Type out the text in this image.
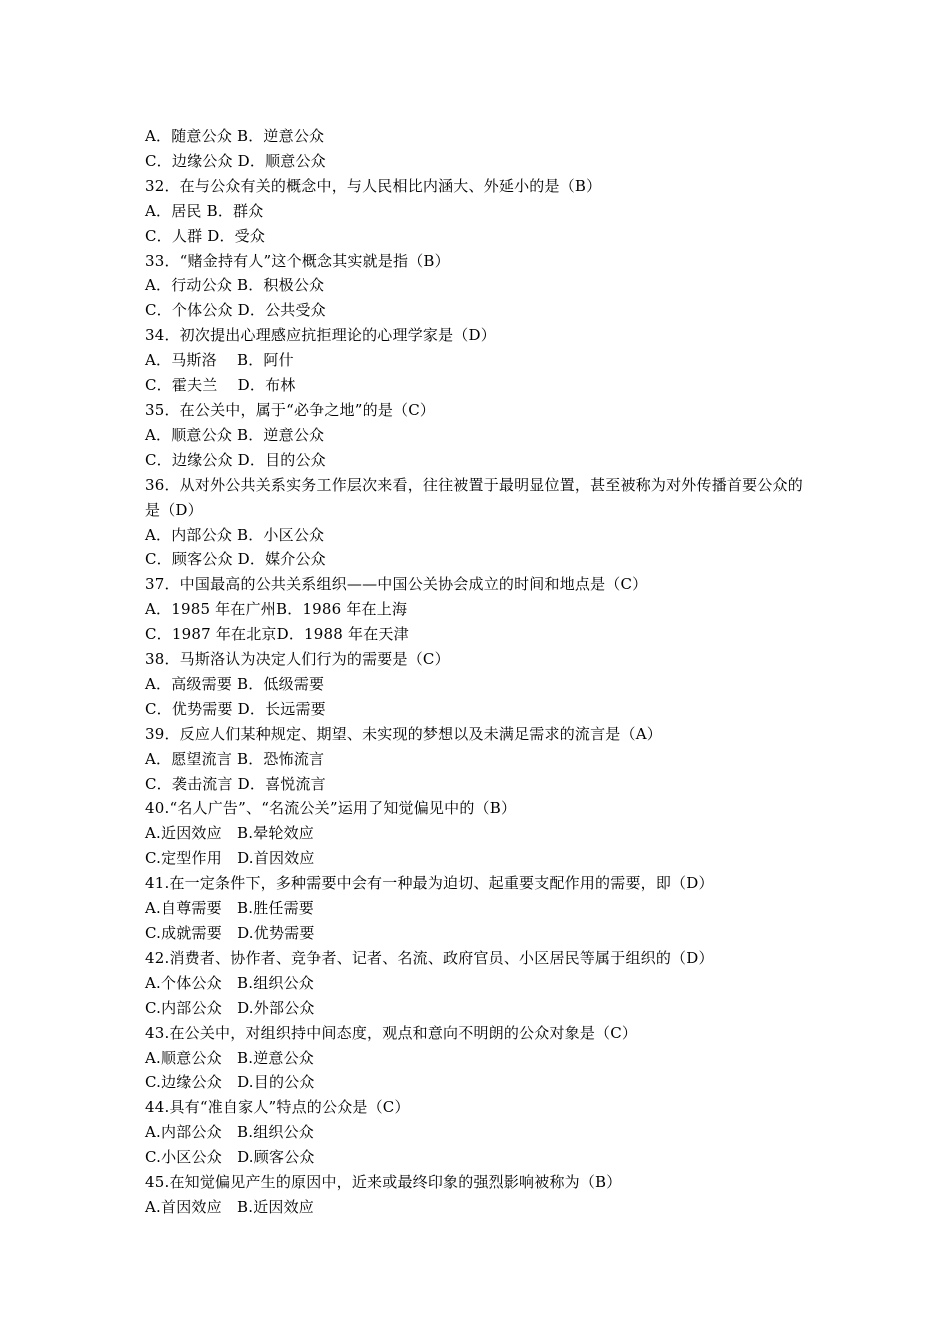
A．随意公众 B．逆意公众
C．边缘公众 D．顺意公众
32．在与公众有关的概念中，与人民相比内涵大、外延小的是（B）
A．居民 B．群众
C．人群 D．受众
33．“赌金持有人”这个概念其实就是指（B）
A．行动公众 B．积极公众
C．个体公众 D．公共受众
34．初次提出心理感应抗拒理论的心理学家是（D）
A．马斯洛　 B．阿什
C．霍夫兰　 D．布林
35．在公关中，属于“必争之地”的是（C）
A．顺意公众 B．逆意公众
C．边缘公众 D．目的公众
36．从对外公共关系实务工作层次来看，往往被置于最明显位置，甚至被称为对外传播首要公众的是（D）
A．内部公众 B．小区公众
C．顾客公众 D．媒介公众
37．中国最高的公共关系组织——中国公关协会成立的时间和地点是（C）
A．1985 年在广州B．1986 年在上海
C．1987 年在北京D．1988 年在天津
38．马斯洛认为决定人们行为的需要是（C）
A．高级需要 B．低级需要
C．优势需要 D．长远需要
39．反应人们某种规定、期望、未实现的梦想以及未满足需求的流言是（A）
A．愿望流言 B．恐怖流言
C．袭击流言 D．喜悦流言
40.“名人广告”、“名流公关”运用了知觉偏见中的（B）
A.近因效应　B.晕轮效应
C.定型作用　D.首因效应
41.在一定条件下，多种需要中会有一种最为迫切、起重要支配作用的需要，即（D）
A.自尊需要　B.胜任需要
C.成就需要　D.优势需要
42.消费者、协作者、竞争者、记者、名流、政府官员、小区居民等属于组织的（D）
A.个体公众　B.组织公众
C.内部公众　D.外部公众
43.在公关中，对组织持中间态度，观点和意向不明朗的公众对象是（C）
A.顺意公众　B.逆意公众
C.边缘公众　D.目的公众
44.具有“准自家人”特点的公众是（C）
A.内部公众　B.组织公众
C.小区公众　D.顾客公众
45.在知觉偏见产生的原因中，近来或最终印象的强烈影响被称为（B）
A.首因效应　B.近因效应
